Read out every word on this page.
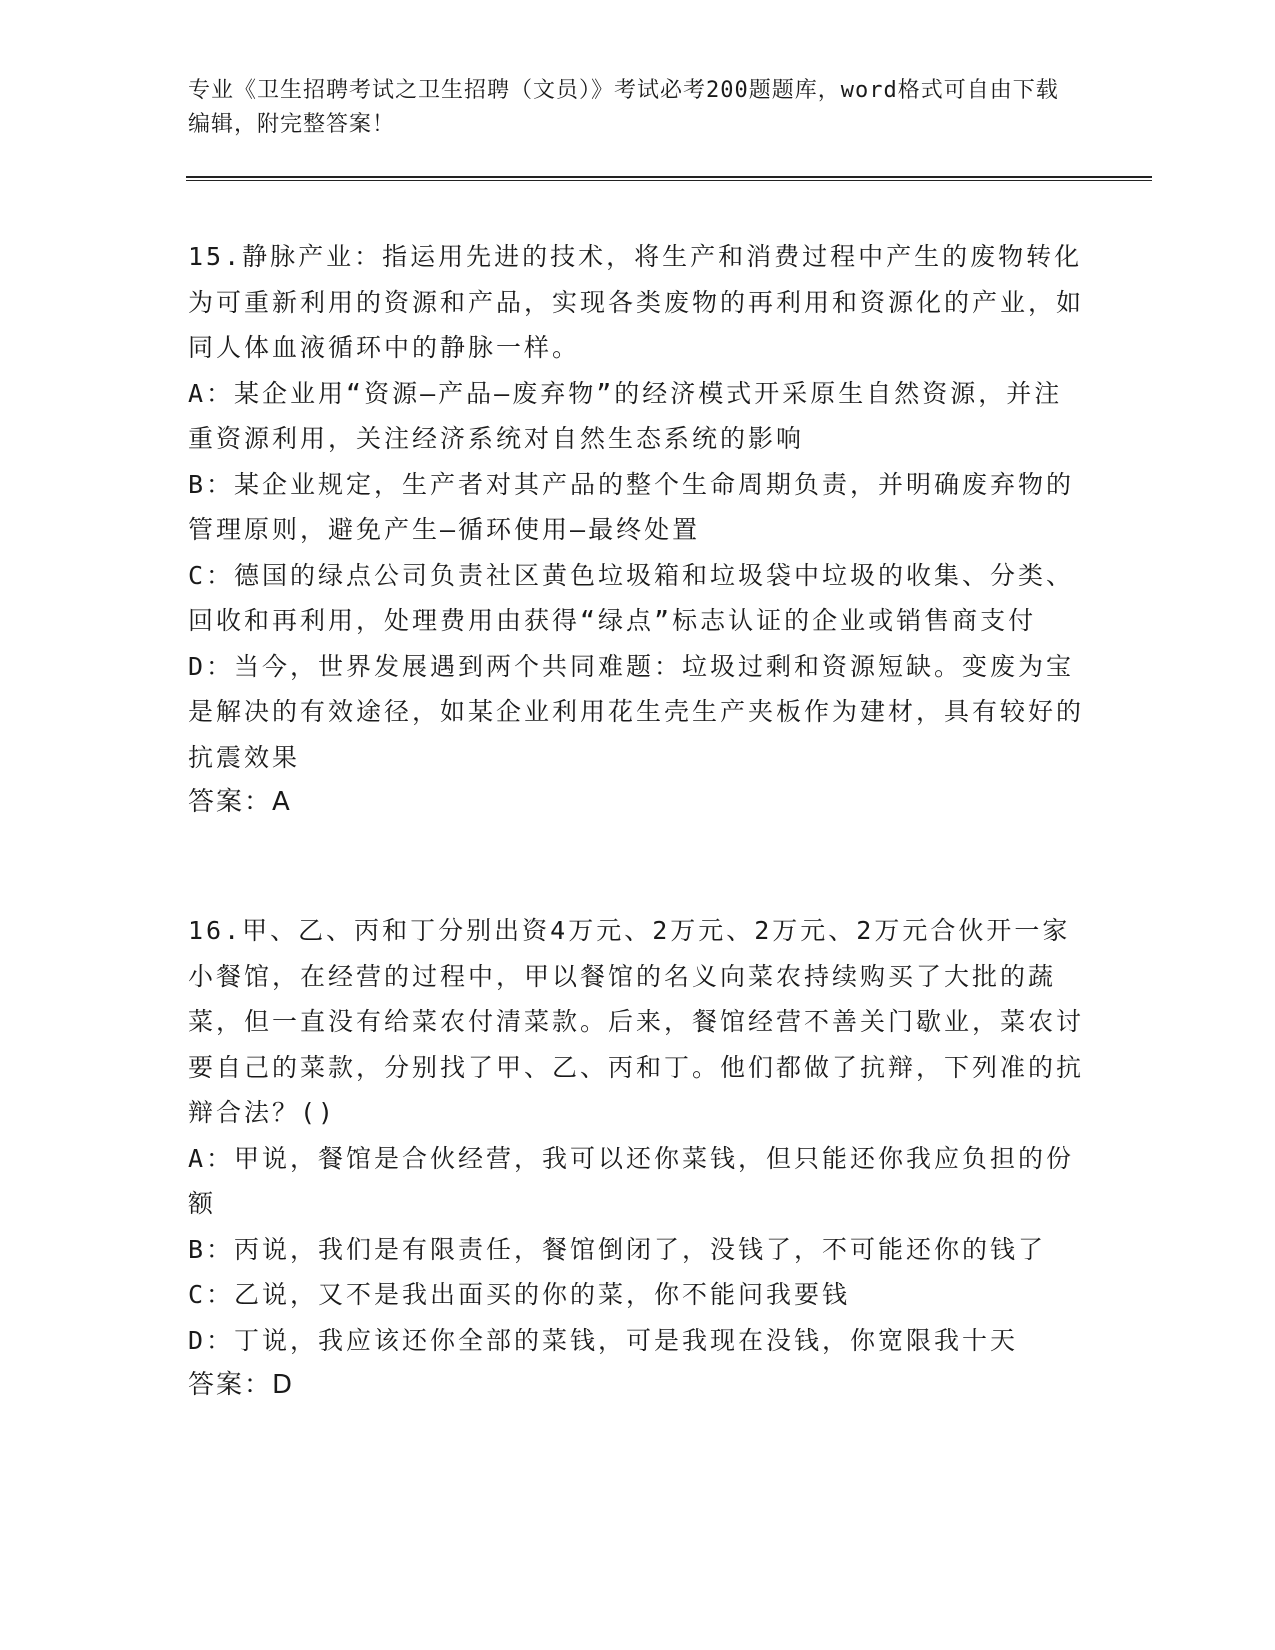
专业《卫生招聘考试之卫生招聘（文员）》考试必考200题题库，word格式可自由下载编辑，附完整答案！

15.静脉产业：指运用先进的技术，将生产和消费过程中产生的废物转化为可重新利用的资源和产品，实现各类废物的再利用和资源化的产业，如同人体血液循环中的静脉一样。

A：某企业用“资源—产品—废弃物”的经济模式开采原生自然资源，并注重资源利用，关注经济系统对自然生态系统的影响

B：某企业规定，生产者对其产品的整个生命周期负责，并明确废弃物的管理原则，避免产生—循环使用—最终处置

C：德国的绿点公司负责社区黄色垃圾箱和垃圾袋中垃圾的收集、分类、回收和再利用，处理费用由获得“绿点”标志认证的企业或销售商支付

D：当今，世界发展遇到两个共同难题：垃圾过剩和资源短缺。变废为宝是解决的有效途径，如某企业利用花生壳生产夹板作为建材，具有较好的抗震效果

答案：A

16.甲、乙、丙和丁分别出资4万元、2万元、2万元、2万元合伙开一家小餐馆，在经营的过程中，甲以餐馆的名义向菜农持续购买了大批的蔬菜，但一直没有给菜农付清菜款。后来，餐馆经营不善关门歇业，菜农讨要自己的菜款，分别找了甲、乙、丙和丁。他们都做了抗辩，下列准的抗辩合法？()

A：甲说，餐馆是合伙经营，我可以还你菜钱，但只能还你我应负担的份额

B：丙说，我们是有限责任，餐馆倒闭了，没钱了，不可能还你的钱了

C：乙说，又不是我出面买的你的菜，你不能问我要钱

D：丁说，我应该还你全部的菜钱，可是我现在没钱，你宽限我十天

答案：D
